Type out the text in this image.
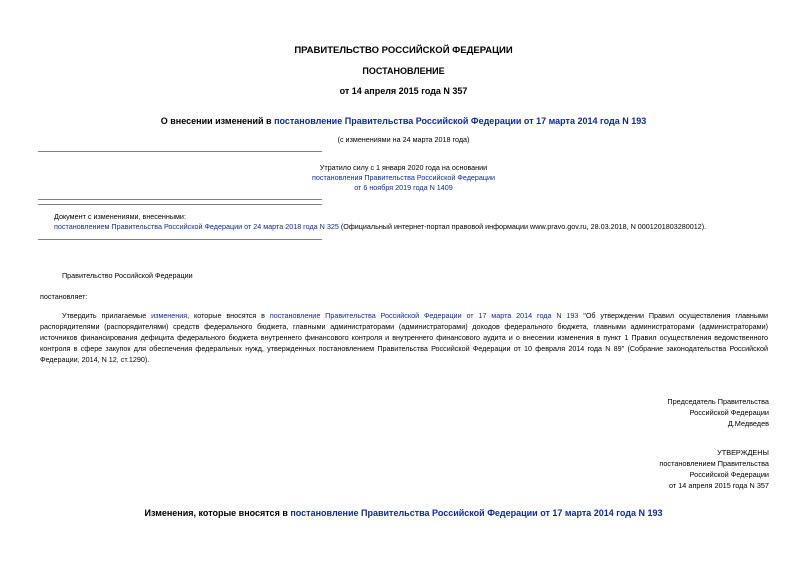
ПРАВИТЕЛЬСТВО РОССИЙСКОЙ ФЕДЕРАЦИИ
ПОСТАНОВЛЕНИЕ
от 14 апреля 2015 года N 357
О внесении изменений в постановление Правительства Российской Федерации от 17 марта 2014 года N 193
(с изменениями на 24 марта 2018 года)
Утратило силу с 1 января 2020 года на основании
постановления Правительства Российской Федерации
от 6 ноября 2019 года N 1409
Документ с изменениями, внесенными:
постановлением Правительства Российской Федерации от 24 марта 2018 года N 325 (Официальный интернет-портал правовой информации www.pravo.gov.ru, 28.03.2018, N 0001201803280012).
Правительство Российской Федерации
постановляет:
Утвердить прилагаемые изменения, которые вносятся в постановление Правительства Российской Федерации от 17 марта 2014 года N 193 "Об утверждении Правил осуществления главными распорядителями (распорядителями) средств федерального бюджета, главными администраторами (администраторами) доходов федерального бюджета, главными администраторами (администраторами) источников финансирования дефицита федерального бюджета внутреннего финансового контроля и внутреннего финансового аудита и о внесении изменения в пункт 1 Правил осуществления ведомственного контроля в сфере закупок для обеспечения федеральных нужд, утвержденных постановлением Правительства Российской Федерации от 10 февраля 2014 года N 89" (Собрание законодательства Российской Федерации, 2014, N 12, ст.1290).
Председатель Правительства
Российской Федерации
Д.Медведев
УТВЕРЖДЕНЫ
постановлением Правительства
Российской Федерации
от 14 апреля 2015 года N 357
Изменения, которые вносятся в постановление Правительства Российской Федерации от 17 марта 2014 года N 193
